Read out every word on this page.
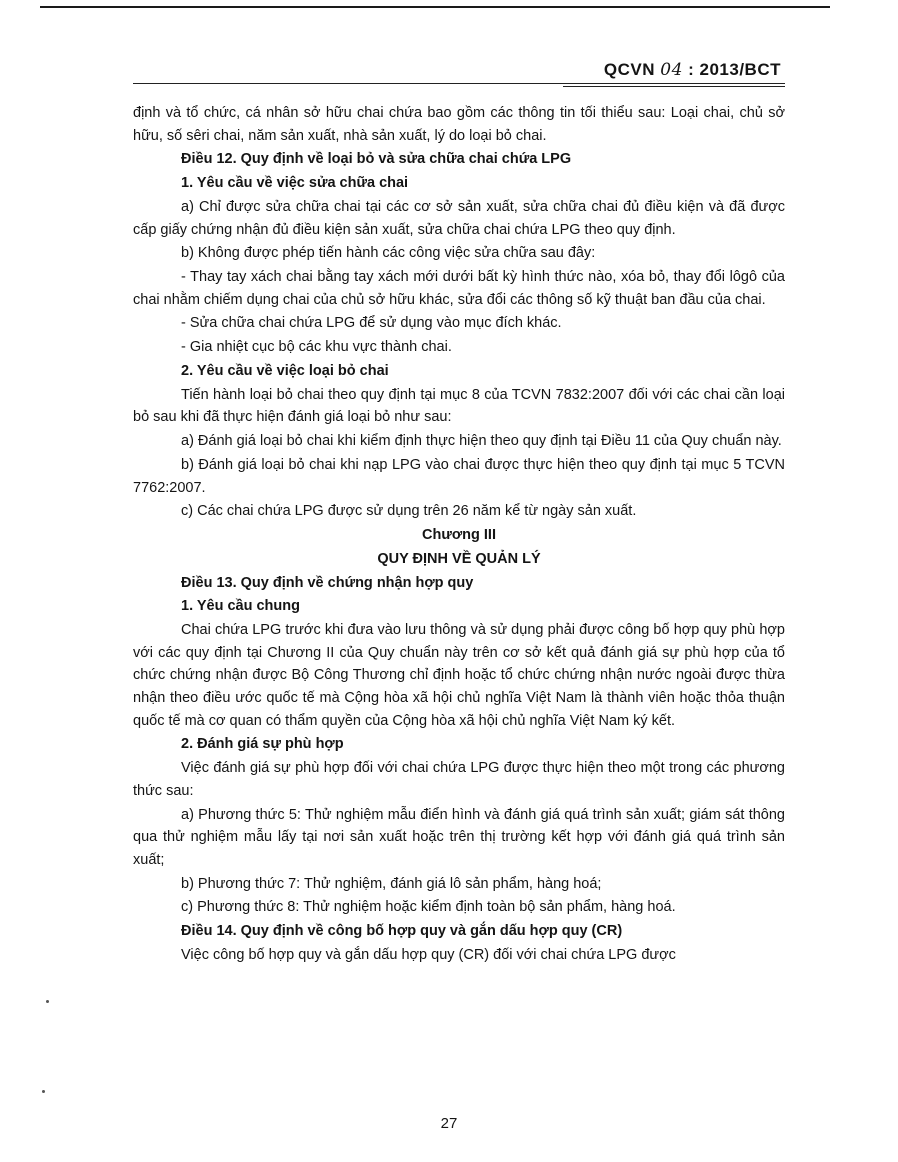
QCVN 04 : 2013/BCT

định và tổ chức, cá nhân sở hữu chai chứa bao gồm các thông tin tối thiểu sau: Loại chai, chủ sở hữu, số sêri chai, năm sản xuất, nhà sản xuất, lý do loại bỏ chai.

Điều 12. Quy định về loại bỏ và sửa chữa chai chứa LPG

1. Yêu cầu về việc sửa chữa chai

a) Chỉ được sửa chữa chai tại các cơ sở sản xuất, sửa chữa chai đủ điều kiện và đã được cấp giấy chứng nhận đủ điều kiện sản xuất, sửa chữa chai chứa LPG theo quy định.

b) Không được phép tiến hành các công việc sửa chữa sau đây:

- Thay tay xách chai bằng tay xách mới dưới bất kỳ hình thức nào, xóa bỏ, thay đổi lôgô của chai nhằm chiếm dụng chai của chủ sở hữu khác, sửa đổi các thông số kỹ thuật ban đầu của chai.

- Sửa chữa chai chứa LPG để sử dụng vào mục đích khác.

- Gia nhiệt cục bộ các khu vực thành chai.

2. Yêu cầu về việc loại bỏ chai

Tiến hành loại bỏ chai theo quy định tại mục 8 của TCVN 7832:2007 đối với các chai cần loại bỏ sau khi đã thực hiện đánh giá loại bỏ như sau:

a) Đánh giá loại bỏ chai khi kiểm định thực hiện theo quy định tại Điều 11 của Quy chuẩn này.

b) Đánh giá loại bỏ chai khi nạp LPG vào chai được thực hiện theo quy định tại mục 5 TCVN 7762:2007.

c) Các chai chứa LPG được sử dụng trên 26 năm kể từ ngày sản xuất.

Chương III

QUY ĐỊNH VỀ QUẢN LÝ

Điều 13. Quy định về chứng nhận hợp quy

1. Yêu cầu chung

Chai chứa LPG trước khi đưa vào lưu thông và sử dụng phải được công bố hợp quy phù hợp với các quy định tại Chương II của Quy chuẩn này trên cơ sở kết quả đánh giá sự phù hợp của tổ chức chứng nhận được Bộ Công Thương chỉ định hoặc tổ chức chứng nhận nước ngoài được thừa nhận theo điều ước quốc tế mà Cộng hòa xã hội chủ nghĩa Việt Nam là thành viên hoặc thỏa thuận quốc tế mà cơ quan có thẩm quyền của Cộng hòa xã hội chủ nghĩa Việt Nam ký kết.

2. Đánh giá sự phù hợp

Việc đánh giá sự phù hợp đối với chai chứa LPG được thực hiện theo một trong các phương thức sau:

a) Phương thức 5: Thử nghiệm mẫu điển hình và đánh giá quá trình sản xuất; giám sát thông qua thử nghiệm mẫu lấy tại nơi sản xuất hoặc trên thị trường kết hợp với đánh giá quá trình sản xuất;

b) Phương thức 7: Thử nghiệm, đánh giá lô sản phẩm, hàng hoá;

c) Phương thức 8: Thử nghiệm hoặc kiểm định toàn bộ sản phẩm, hàng hoá.

Điều 14. Quy định về công bố hợp quy và gắn dấu hợp quy (CR)

Việc công bố hợp quy và gắn dấu hợp quy (CR) đối với chai chứa LPG được

27
